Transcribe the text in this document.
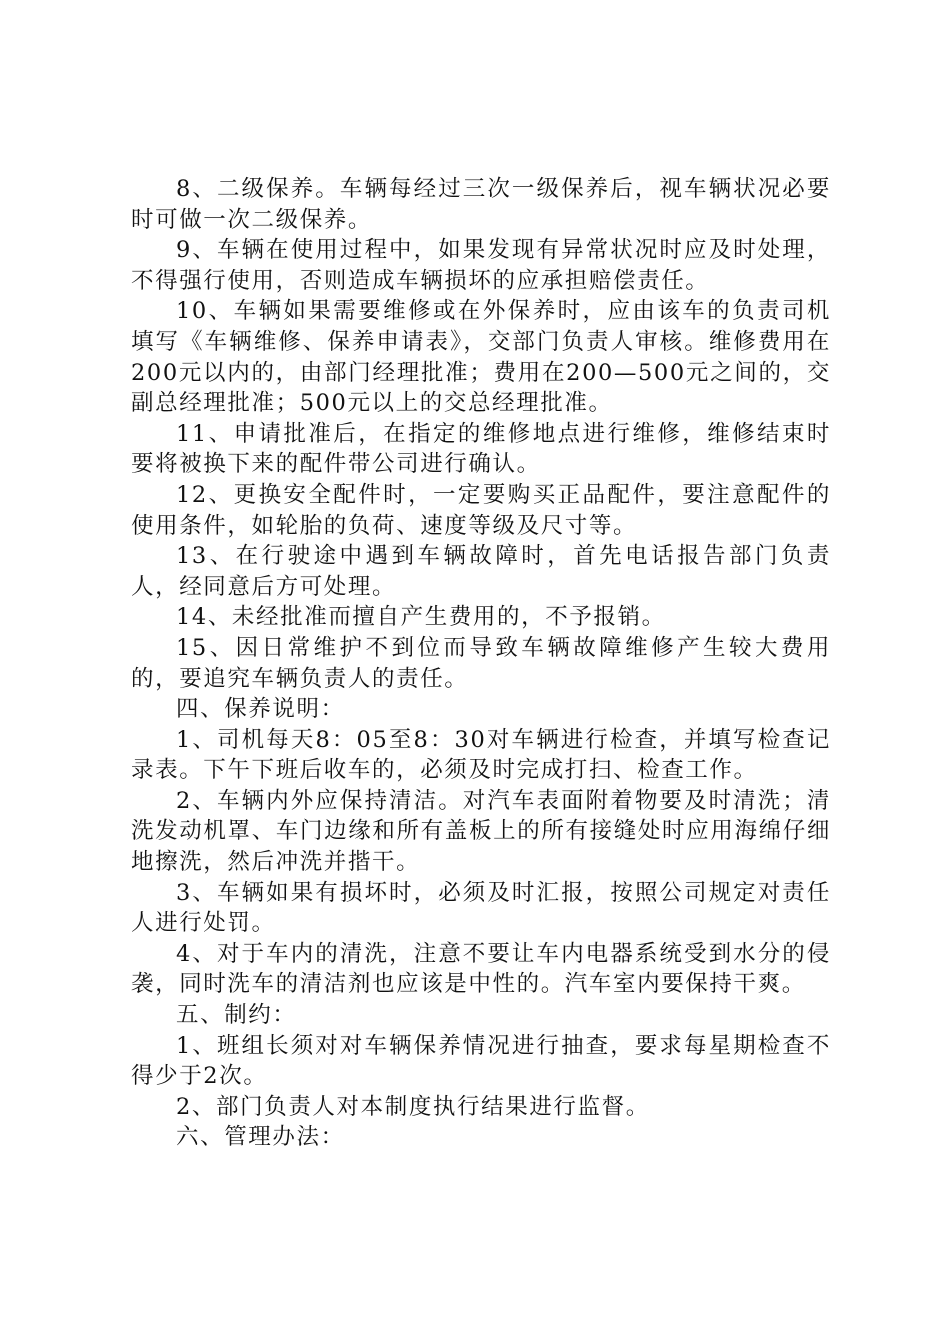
8、二级保养。车辆每经过三次一级保养后，视车辆状况必要时可做一次二级保养。

9、车辆在使用过程中，如果发现有异常状况时应及时处理，不得强行使用，否则造成车辆损坏的应承担赔偿责任。

10、车辆如果需要维修或在外保养时，应由该车的负责司机填写《车辆维修、保养申请表》，交部门负责人审核。维修费用在200元以内的，由部门经理批准；费用在200—500元之间的，交副总经理批准；500元以上的交总经理批准。

11、申请批准后，在指定的维修地点进行维修，维修结束时要将被换下来的配件带公司进行确认。

12、更换安全配件时，一定要购买正品配件，要注意配件的使用条件，如轮胎的负荷、速度等级及尺寸等。

13、在行驶途中遇到车辆故障时，首先电话报告部门负责人，经同意后方可处理。

14、未经批准而擅自产生费用的，不予报销。

15、因日常维护不到位而导致车辆故障维修产生较大费用的，要追究车辆负责人的责任。

四、保养说明：

1、司机每天8：05至8：30对车辆进行检查，并填写检查记录表。下午下班后收车的，必须及时完成打扫、检查工作。

2、车辆内外应保持清洁。对汽车表面附着物要及时清洗；清洗发动机罩、车门边缘和所有盖板上的所有接缝处时应用海绵仔细地擦洗，然后冲洗并揩干。

3、车辆如果有损坏时，必须及时汇报，按照公司规定对责任人进行处罚。

4、对于车内的清洗，注意不要让车内电器系统受到水分的侵袭，同时洗车的清洁剂也应该是中性的。汽车室内要保持干爽。

五、制约：

1、班组长须对对车辆保养情况进行抽查，要求每星期检查不得少于2次。

2、部门负责人对本制度执行结果进行监督。

六、管理办法：
